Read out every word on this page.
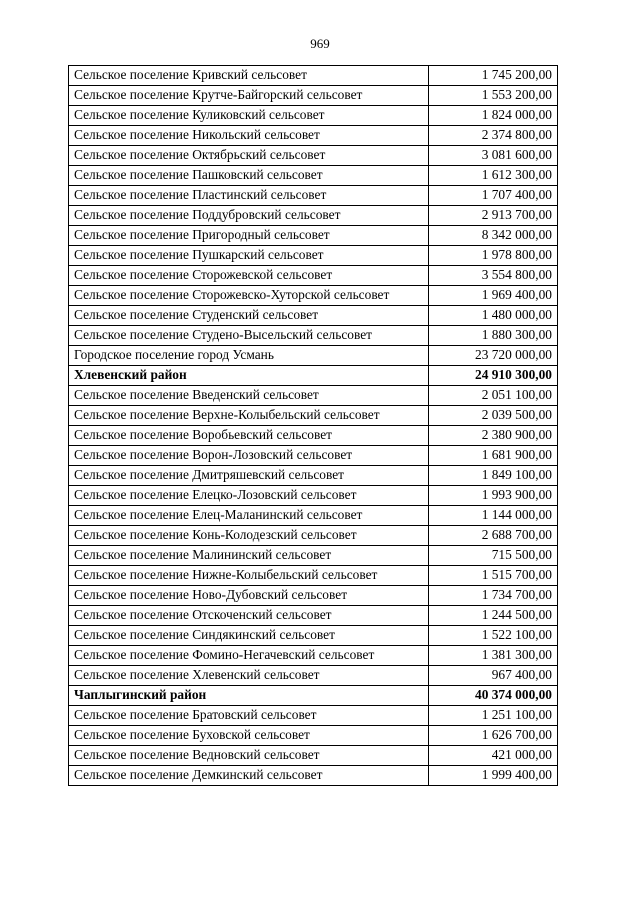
969
Сельское поселение Кривский сельсовет	1 745 200,00
Сельское поселение Крутче-Байгорский сельсовет	1 553 200,00
Сельское поселение Куликовский сельсовет	1 824 000,00
Сельское поселение Никольский сельсовет	2 374 800,00
Сельское поселение Октябрьский сельсовет	3 081 600,00
Сельское поселение Пашковский сельсовет	1 612 300,00
Сельское поселение Пластинский сельсовет	1 707 400,00
Сельское поселение Поддубровский сельсовет	2 913 700,00
Сельское поселение Пригородный сельсовет	8 342 000,00
Сельское поселение Пушкарский сельсовет	1 978 800,00
Сельское поселение Сторожевской сельсовет	3 554 800,00
Сельское поселение Сторожевско-Хуторской сельсовет	1 969 400,00
Сельское поселение Студенский сельсовет	1 480 000,00
Сельское поселение Студено-Высельский сельсовет	1 880 300,00
Городское поселение город Усмань	23 720 000,00
Хлевенский район	24 910 300,00
Сельское поселение Введенский сельсовет	2 051 100,00
Сельское поселение Верхне-Колыбельский сельсовет	2 039 500,00
Сельское поселение Воробьевский сельсовет	2 380 900,00
Сельское поселение Ворон-Лозовский сельсовет	1 681 900,00
Сельское поселение Дмитряшевский сельсовет	1 849 100,00
Сельское поселение Елецко-Лозовский сельсовет	1 993 900,00
Сельское поселение Елец-Маланинский сельсовет	1 144 000,00
Сельское поселение Конь-Колодезский сельсовет	2 688 700,00
Сельское поселение Малининский сельсовет	715 500,00
Сельское поселение Нижне-Колыбельский сельсовет	1 515 700,00
Сельское поселение Ново-Дубовский сельсовет	1 734 700,00
Сельское поселение Отскоченский сельсовет	1 244 500,00
Сельское поселение Синдякинский сельсовет	1 522 100,00
Сельское поселение Фомино-Негачевский сельсовет	1 381 300,00
Сельское поселение Хлевенский сельсовет	967 400,00
Чаплыгинский район	40 374 000,00
Сельское поселение Братовский сельсовет	1 251 100,00
Сельское поселение Буховской сельсовет	1 626 700,00
Сельское поселение Ведновский сельсовет	421 000,00
Сельское поселение Демкинский сельсовет	1 999 400,00
